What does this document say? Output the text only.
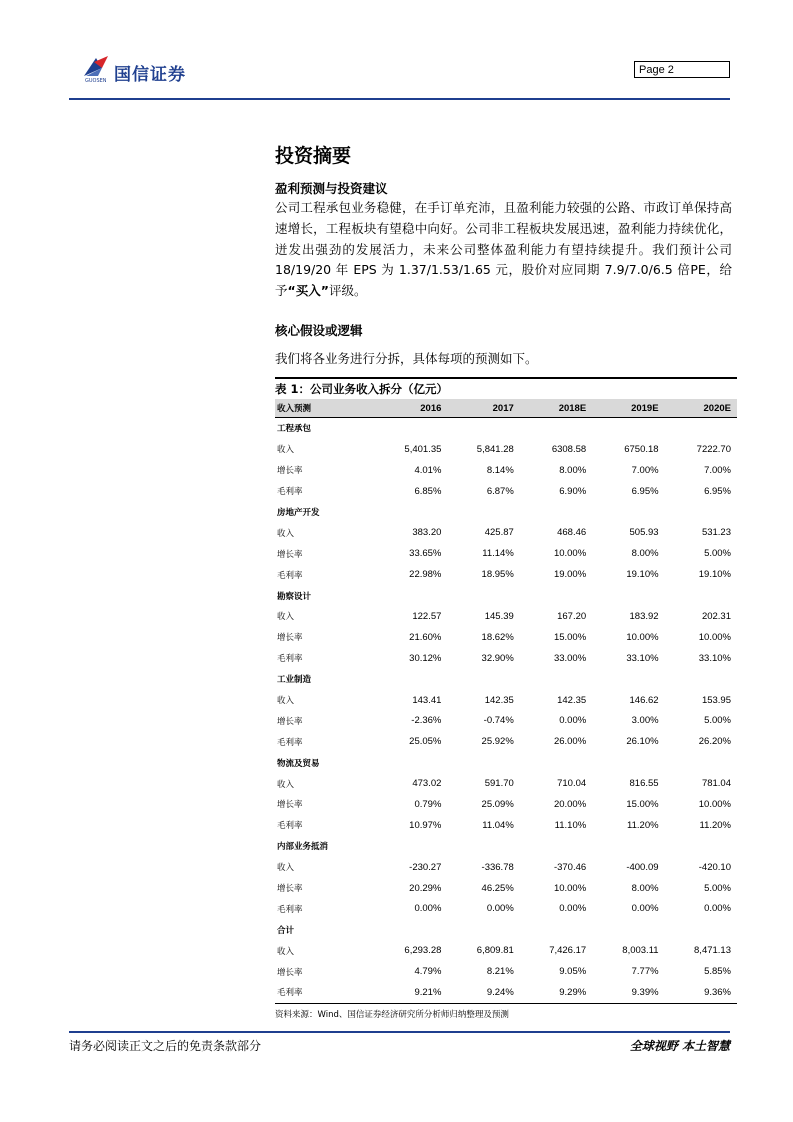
国信证券
GUOSEN
Page 2
投资摘要
盈利预测与投资建议
公司工程承包业务稳健，在手订单充沛，且盈利能力较强的公路、市政订单保持高速增长，工程板块有望稳中向好。公司非工程板块发展迅速，盈利能力持续优化，迸发出强劲的发展活力，未来公司整体盈利能力有望持续提升。我们预计公司 18/19/20 年 EPS 为 1.37/1.53/1.65 元，股价对应同期 7.9/7.0/6.5 倍PE，给予“买入”评级。
核心假设或逻辑
我们将各业务进行分拆，具体每项的预测如下。
表 1：公司业务收入拆分（亿元）
收入预测	2016	2017	2018E	2019E	2020E
工程承包					
收入	5,401.35	5,841.28	6308.58	6750.18	7222.70
增长率	4.01%	8.14%	8.00%	7.00%	7.00%
毛利率	6.85%	6.87%	6.90%	6.95%	6.95%
房地产开发					
收入	383.20	425.87	468.46	505.93	531.23
增长率	33.65%	11.14%	10.00%	8.00%	5.00%
毛利率	22.98%	18.95%	19.00%	19.10%	19.10%
勘察设计					
收入	122.57	145.39	167.20	183.92	202.31
增长率	21.60%	18.62%	15.00%	10.00%	10.00%
毛利率	30.12%	32.90%	33.00%	33.10%	33.10%
工业制造					
收入	143.41	142.35	142.35	146.62	153.95
增长率	-2.36%	-0.74%	0.00%	3.00%	5.00%
毛利率	25.05%	25.92%	26.00%	26.10%	26.20%
物流及贸易					
收入	473.02	591.70	710.04	816.55	781.04
增长率	0.79%	25.09%	20.00%	15.00%	10.00%
毛利率	10.97%	11.04%	11.10%	11.20%	11.20%
内部业务抵消					
收入	-230.27	-336.78	-370.46	-400.09	-420.10
增长率	20.29%	46.25%	10.00%	8.00%	5.00%
毛利率	0.00%	0.00%	0.00%	0.00%	0.00%
合计					
收入	6,293.28	6,809.81	7,426.17	8,003.11	8,471.13
增长率	4.79%	8.21%	9.05%	7.77%	5.85%
毛利率	9.21%	9.24%	9.29%	9.39%	9.36%
资料来源：Wind、国信证券经济研究所分析师归纳整理及预测
请务必阅读正文之后的免责条款部分	全球视野 本土智慧
